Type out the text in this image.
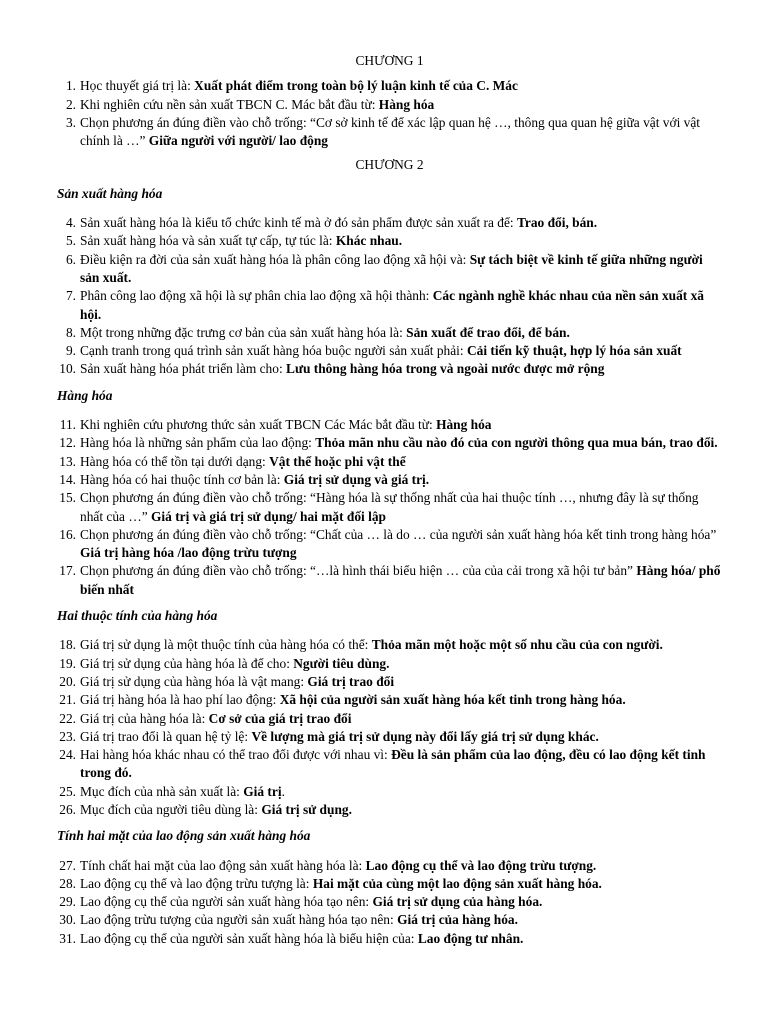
CHƯƠNG 1
1. Học thuyết giá trị là: Xuất phát điểm trong toàn bộ lý luận kinh tế của C. Mác
2. Khi nghiên cứu nền sản xuất TBCN C. Mác bắt đầu từ: Hàng hóa
3. Chọn phương án đúng điền vào chỗ trống: “Cơ sở kinh tế để xác lập quan hệ …, thông qua quan hệ giữa vật với vật chính là …” Giữa người với người/ lao động
CHƯƠNG 2
Sản xuất hàng hóa
4. Sản xuất hàng hóa là kiểu tổ chức kinh tế mà ở đó sản phẩm được sản xuất ra để: Trao đổi, bán.
5. Sản xuất hàng hóa và sản xuất tự cấp, tự túc là: Khác nhau.
6. Điều kiện ra đời của sản xuất hàng hóa là phân công lao động xã hội và: Sự tách biệt về kinh tế giữa những người sản xuất.
7. Phân công lao động xã hội là sự phân chia lao động xã hội thành: Các ngành nghề khác nhau của nền sản xuất xã hội.
8. Một trong những đặc trưng cơ bản của sản xuất hàng hóa là: Sản xuất để trao đổi, để bán.
9. Cạnh tranh trong quá trình sản xuất hàng hóa buộc người sản xuất phải: Cải tiến kỹ thuật, hợp lý hóa sản xuất
10. Sản xuất hàng hóa phát triển làm cho: Lưu thông hàng hóa trong và ngoài nước được mở rộng
Hàng hóa
11. Khi nghiên cứu phương thức sản xuất TBCN Các Mác bắt đầu từ: Hàng hóa
12. Hàng hóa là những sản phẩm của lao động: Thỏa mãn nhu cầu nào đó của con người thông qua mua bán, trao đổi.
13. Hàng hóa có thể tồn tại dưới dạng: Vật thể hoặc phi vật thể
14. Hàng hóa có hai thuộc tính cơ bản là: Giá trị sử dụng và giá trị.
15. Chọn phương án đúng điền vào chỗ trống: “Hàng hóa là sự thống nhất của hai thuộc tính …, nhưng đây là sự thống nhất của …” Giá trị và giá trị sử dụng/ hai mặt đối lập
16. Chọn phương án đúng điền vào chỗ trống: “Chất của … là do … của người sản xuất hàng hóa kết tinh trong hàng hóa” Giá trị hàng hóa /lao động trừu tượng
17. Chọn phương án đúng điền vào chỗ trống: “…là hình thái biểu hiện … của của cải trong xã hội tư bản” Hàng hóa/ phổ biến nhất
Hai thuộc tính của hàng hóa
18. Giá trị sử dụng là một thuộc tính của hàng hóa có thể: Thỏa mãn một hoặc một số nhu cầu của con người.
19. Giá trị sử dụng của hàng hóa là để cho: Người tiêu dùng.
20. Giá trị sử dụng của hàng hóa là vật mang: Giá trị trao đổi
21. Giá trị hàng hóa là hao phí lao động: Xã hội của người sản xuất hàng hóa kết tinh trong hàng hóa.
22. Giá trị của hàng hóa là: Cơ sở của giá trị trao đổi
23. Giá trị trao đổi là quan hệ tỷ lệ: Về lượng mà giá trị sử dụng này đổi lấy giá trị sử dụng khác.
24. Hai hàng hóa khác nhau có thể trao đổi được với nhau vì: Đều là sản phẩm của lao động, đều có lao động kết tinh trong đó.
25. Mục đích của nhà sản xuất là: Giá trị.
26. Mục đích của người tiêu dùng là: Giá trị sử dụng.
Tính hai mặt của lao động sản xuất hàng hóa
27. Tính chất hai mặt của lao động sản xuất hàng hóa là: Lao động cụ thể và lao động trừu tượng.
28. Lao động cụ thể và lao động trừu tượng là: Hai mặt của cùng một lao động sản xuất hàng hóa.
29. Lao động cụ thể của người sản xuất hàng hóa tạo nên: Giá trị sử dụng của hàng hóa.
30. Lao động trừu tượng của người sản xuất hàng hóa tạo nên: Giá trị của hàng hóa.
31. Lao động cụ thể của người sản xuất hàng hóa là biểu hiện của: Lao động tư nhân.
